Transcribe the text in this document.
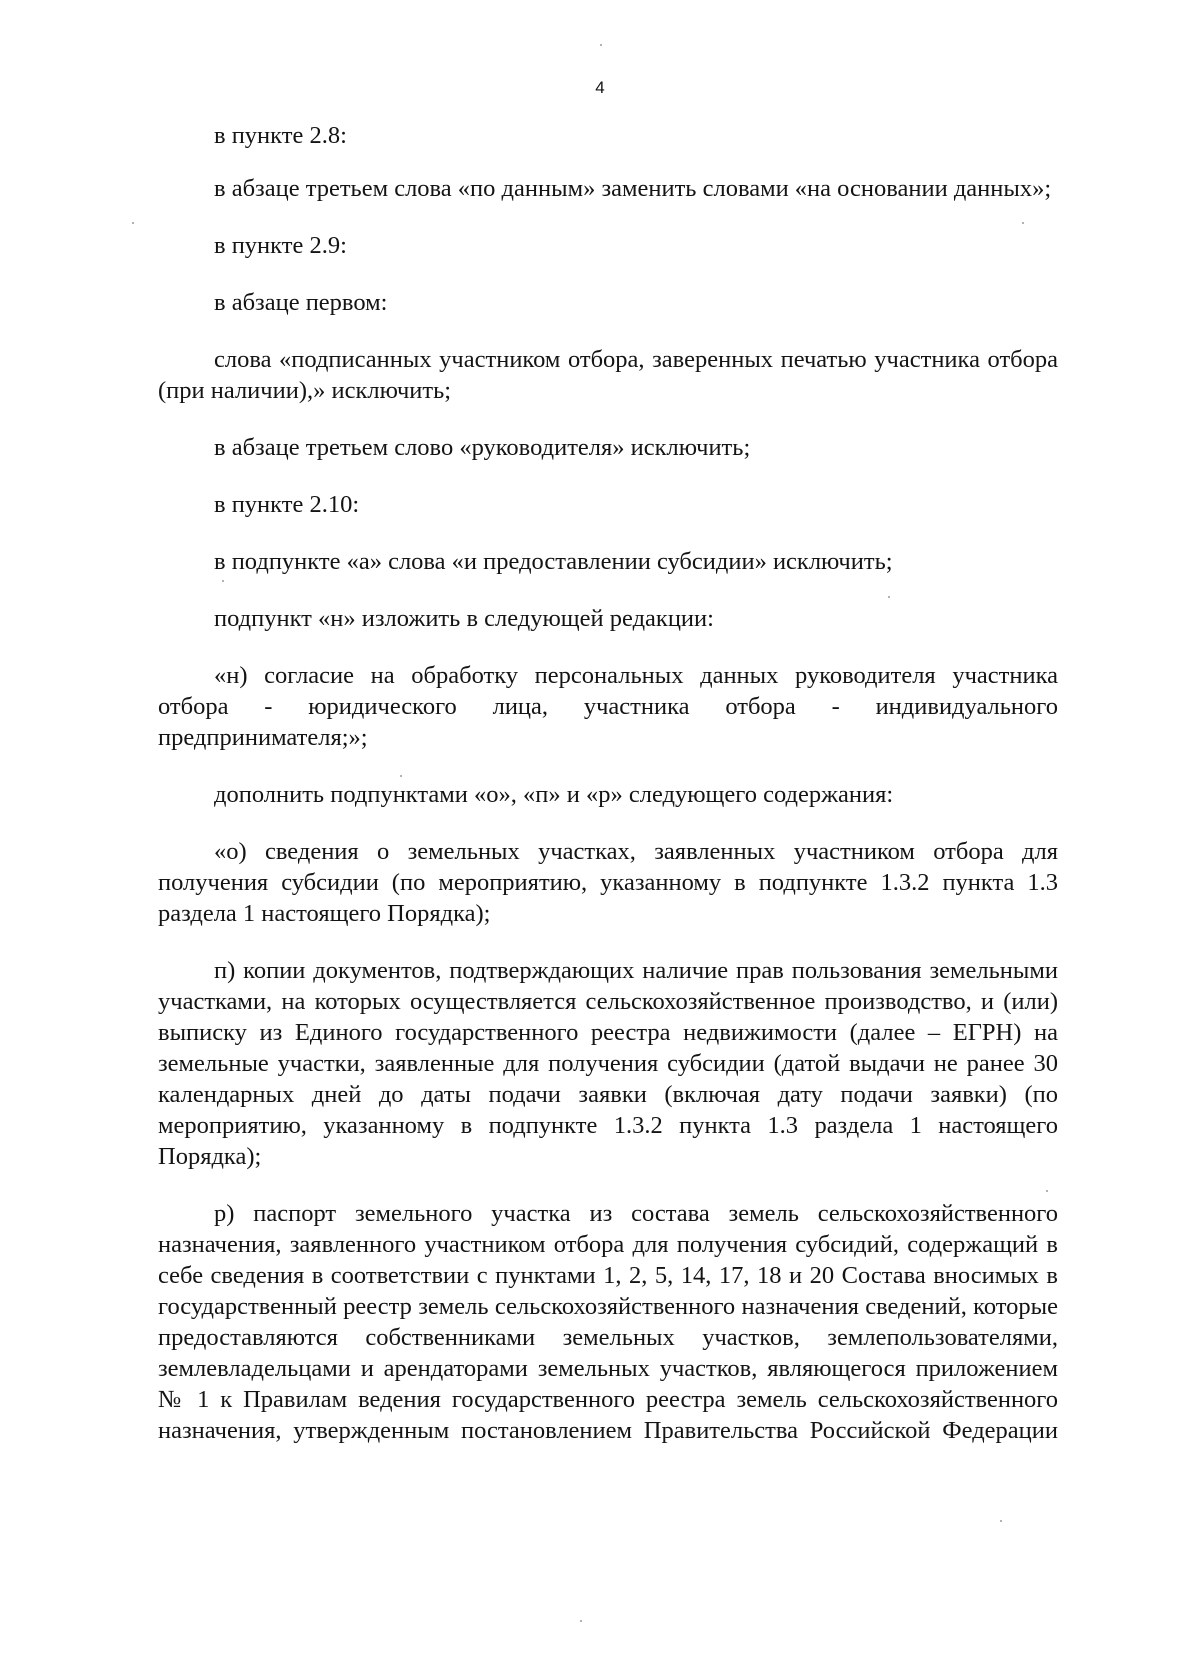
4

в пункте 2.8:

в абзаце третьем слова «по данным» заменить словами «на основании данных»;

в пункте 2.9:

в абзаце первом:

слова «подписанных участником отбора, заверенных печатью участника отбора (при наличии),» исключить;

в абзаце третьем слово «руководителя» исключить;

в пункте 2.10:

в подпункте «а» слова «и предоставлении субсидии» исключить;

подпункт «н» изложить в следующей редакции:

«н) согласие на обработку персональных данных руководителя участника отбора - юридического лица, участника отбора - индивидуального предпринимателя;»;

дополнить подпунктами «о», «п» и «р» следующего содержания:

«о) сведения о земельных участках, заявленных участником отбора для получения субсидии (по мероприятию, указанному в подпункте 1.3.2 пункта 1.3 раздела 1 настоящего Порядка);

п) копии документов, подтверждающих наличие прав пользования земельными участками, на которых осуществляется сельскохозяйственное производство, и (или) выписку из Единого государственного реестра недвижимости (далее – ЕГРН) на земельные участки, заявленные для получения субсидии (датой выдачи не ранее 30 календарных дней до даты подачи заявки (включая дату подачи заявки) (по мероприятию, указанному в подпункте 1.3.2 пункта 1.3 раздела 1 настоящего Порядка);

р) паспорт земельного участка из состава земель сельскохозяйственного назначения, заявленного участником отбора для получения субсидий, содержащий в себе сведения в соответствии с пунктами 1, 2, 5, 14, 17, 18 и 20 Состава вносимых в государственный реестр земель сельскохозяйственного назначения сведений, которые предоставляются собственниками земельных участков, землепользователями, землевладельцами и арендаторами земельных участков, являющегося приложением № 1 к Правилам ведения государственного реестра земель сельскохозяйственного назначения, утвержденным постановлением Правительства Российской Федерации
